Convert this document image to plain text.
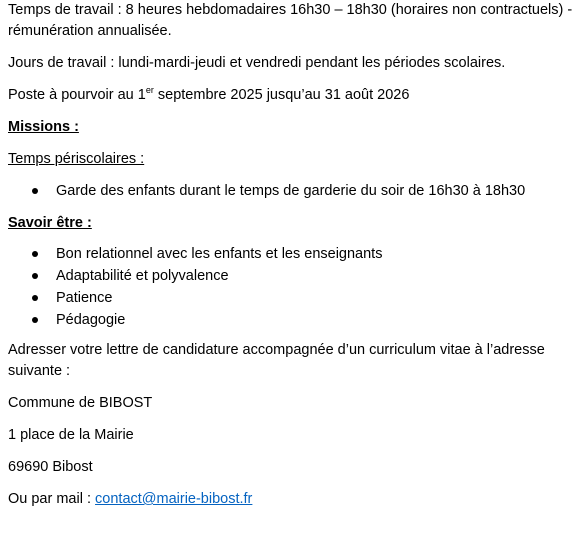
Temps de travail : 8 heures hebdomadaires 16h30 – 18h30 (horaires non contractuels) -
rémunération annualisée.

Jours de travail : lundi-mardi-jeudi et vendredi pendant les périodes scolaires.

Poste à pourvoir au 1er septembre 2025 jusqu’au 31 août 2026

Missions :

Temps périscolaires :

Garde des enfants durant le temps de garderie du soir de 16h30 à 18h30

Savoir être :

Bon relationnel avec les enfants et les enseignants
Adaptabilité et polyvalence
Patience
Pédagogie

Adresser votre lettre de candidature accompagnée d’un curriculum vitae à l’adresse
suivante :

Commune de BIBOST

1 place de la Mairie

69690 Bibost

Ou par mail : contact@mairie-bibost.fr
